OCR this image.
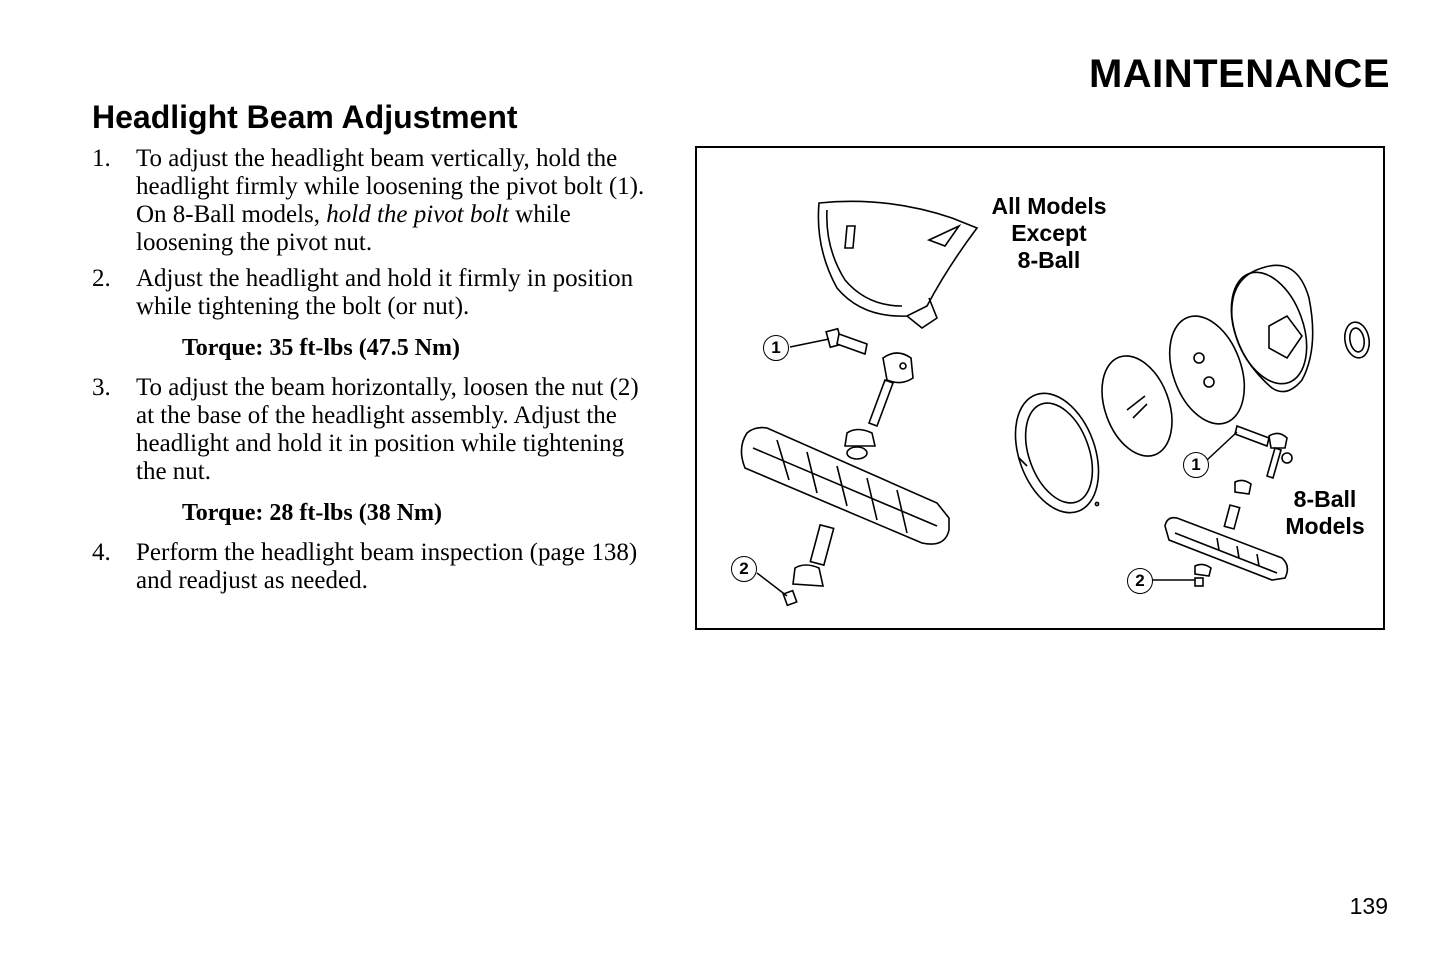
MAINTENANCE
Headlight Beam Adjustment
1.	To adjust the headlight beam vertically, hold the headlight firmly while loosening the pivot bolt (1). On 8-Ball models, hold the pivot bolt while loosening the pivot nut.
2.	Adjust the headlight and hold it firmly in position while tightening the bolt (or nut).
Torque: 35 ft-lbs (47.5 Nm)
3.	To adjust the beam horizontally, loosen the nut (2) at the base of the headlight assembly. Adjust the headlight and hold it in position while tightening the nut.
Torque: 28 ft-lbs (38 Nm)
4.	Perform the headlight beam inspection (page 138) and readjust as needed.
All Models
Except
8-Ball
8-Ball
Models
1
2
1
2
139
